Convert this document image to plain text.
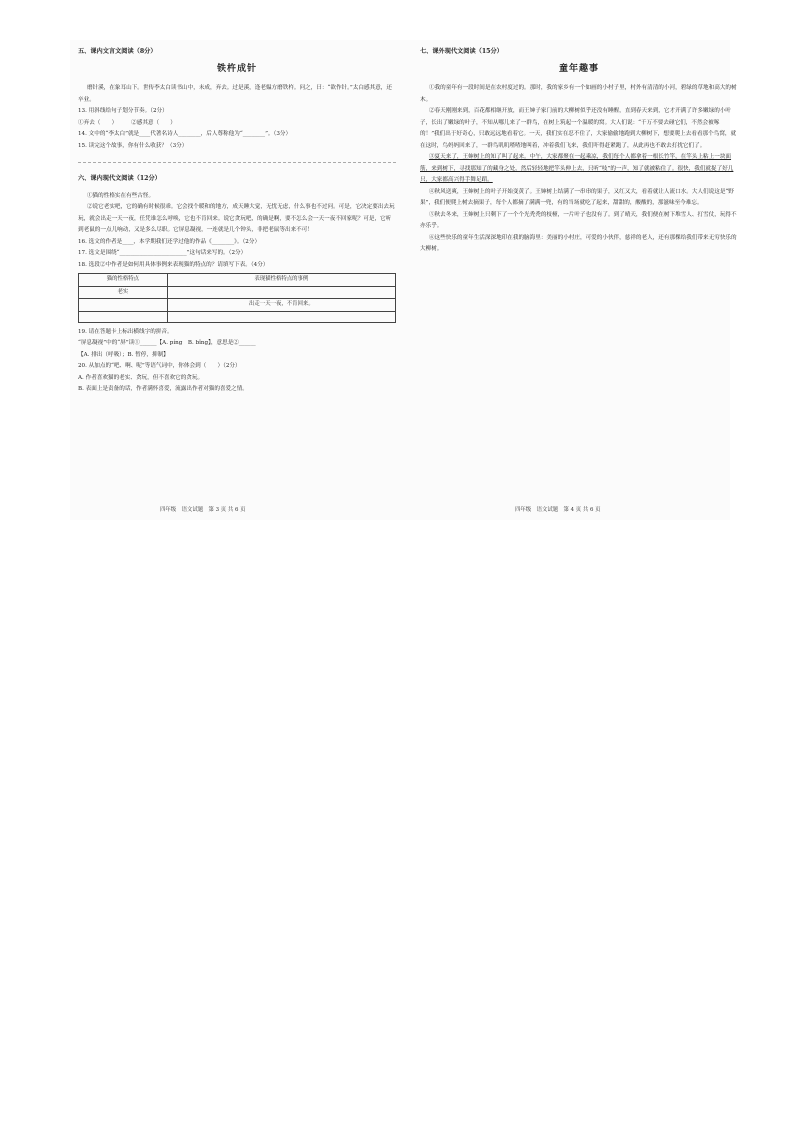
五、课内文言文阅读（8分）
铁杵成针

磨针溪，在象耳山下。世传李太白读书山中，未成，弃去。过是溪，逢老媪方磨铁杵。问之，曰：“欲作针。”太白感其意，还卒业。

13. 用斜线给句子划分节奏。（2分）

①弃去（　　）　　　②感其意（　　）

14. 文中的“李太白”就是____代著名诗人________，后人尊称他为“________”。（3分）

15. 读完这个故事，你有什么收获？（3分）

六、课内现代文阅读（12分）

①猫的性格实在有些古怪。

②说它老实吧，它的确有时候很乖。它会找个暖和的地方，成天睡大觉，无忧无虑，什么事也不过问。可是，它决定要出去玩玩，就会出走一天一夜，任凭谁怎么呼唤，它也不肯回来。说它贪玩吧，的确是啊，要不怎么会一天一夜不回家呢？可是，它听到老鼠的一点儿响动，又是多么尽职。它屏息凝视，一连就是几个钟头，非把老鼠等出来不可！

16. 选文的作者是____，本学期我们还学过他的作品《________》。（2分）

17. 选文是围绕“________________________”这句话来写的。（2分）

18. 选段②中作者是如何用具体事例来表现猫的特点的？请填写下表。（4分）

猫的性格特点	表现猫性格特点的事例
老实	
	出走一天一夜，不肯回来。

19. 请在答题卡上标出横线字的拼音。

“屏息凝视”中的“屏”读①______【A. píng　B. bǐng】，意思是②______

【A. 排出（呼吸）；B. 暂停，抑制】

20. 从加点的“吧、啊、呢”等语气词中，你体会到（　　）（2分）

A. 作者喜欢猫的老实、贪玩，但不喜欢它的贪玩。

B. 表面上是责备的话，作者满怀喜爱，流露出作者对猫的喜爱之情。

七、课外现代文阅读（15分）
童年趣事

①我的童年有一段时间是在农村度过的。那时，我的家乡有一个如画的小村子里，村外有清清的小河，碧绿的草地和高大的树木。

②春天刚刚来到，百花都相继开放，而王婶子家门前的大柳树似乎还没有睡醒，直到春天来到，它才开满了许多嫩绿的小叶子，长出了嫩绿的叶子，不知从哪儿来了一群鸟，在树上筑起一个温暖的窝。大人们说：“千万不要去碰它们，不然会被啄的！”我们出于好奇心，只敢远远地看着它。一天，我们实在忍不住了，大家偷偷地跑到大柳树下，想要爬上去看看那个鸟窝，就在这时，鸟妈妈回来了，一群鸟叽叽喳喳地叫着，冲着我们飞来，我们吓得赶紧跑了，从此再也不敢去打扰它们了。

③夏天来了，王婶树上的知了叫了起来。中午，大家都聚在一起乘凉，我们每个人都拿着一根长竹竿，在竿头上粘上一块面筋，来到树下，寻找那知了的藏身之处，然后轻轻地把竿头伸上去，只听“吱”的一声，知了就被粘住了。很快，我们就捉了好几只，大家都高兴得手舞足蹈。

④秋风送爽，王婶树上的叶子开始变黄了。王婶树上结满了一串串的果子，又红又大，看着就让人流口水。大人们说这是“野果”，我们便爬上树去摘果子，每个人都摘了满满一兜，有的当场就吃了起来，甜甜的，酸酸的，那滋味至今难忘。

⑤秋去冬来，王婶树上只剩下了一个个光秃秃的枝桠，一片叶子也没有了。到了晴天，我们便在树下堆雪人、打雪仗，玩得不亦乐乎。

⑥这些快乐的童年生活深深地印在我的脑海里：美丽的小村庄，可爱的小伙伴，慈祥的老人，还有那棵给我们带来无穷快乐的大柳树。

四年级　语文试题　第 3 页 共 6 页	四年级　语文试题　第 4 页 共 6 页
